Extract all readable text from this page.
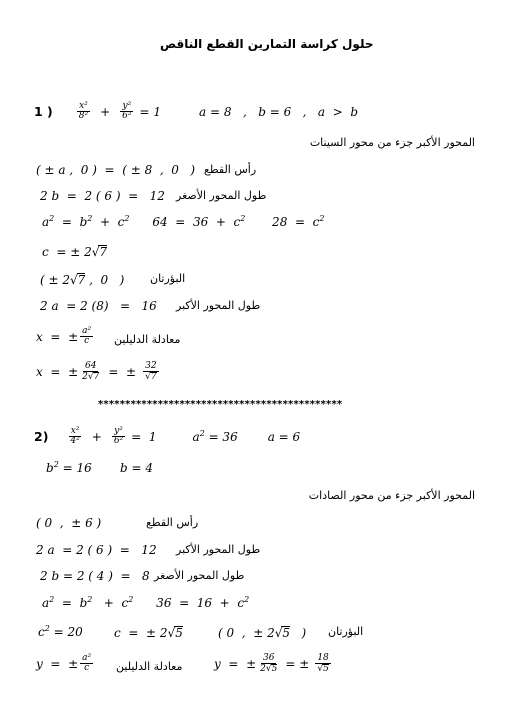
حلول كراسة التمارين القطع الناقص
1 )	$\frac{\text{x²}}{\text{8²}} + \frac{\text{y²}}{\text{6²}} = 1$	a = 8   ,   b = 6   ,   a  >  b
المحور الأكبر جزء من محور السينات
( ± a ,  0 )  =  ( ± 8  ,  0   ) رأس القطع
2 b  =  2 ( 6 )  =   12 طول المحور الأصغر
$a^2 = b^2 + c^2$      $64 = 36 + c^2$       $28 = c^2$
c  = ± 2√7
( ± 2√7 ,  0   ) البؤرتان
2 a  = 2 (8)   =   16 طول المحور الأكبر
x  =  ± $\frac{\text{a²}}{c}$ معادلة الدليلين
x  =  ± $\frac{64}{2√7}$ =  ± $\frac{32}{√7}$
*********************************************
$2) \frac{\text{x²}}{\text{4²}} + \frac{\text{y²}}{\text{6²}} = 1$	$a^2 = 36$	a = 6
$b^2 = 16$ b = 4
المحور الأكبر جزء من محور الصادات
( 0  ,  ± 6 )	رأس القطع
2 a  = 2 ( 6 )  =   12 طول المحور الأكبر
2 b = 2 ( 4 )  =   8 طول المحور الأصغر
$a^2 = b^2 + c^2$      $36 = 16 + c^2$
$c^2 = 20$	c  =  ± 2√5	( 0  ,  ± 2√5   ) البؤرتان
y  =  ± $\frac{\text{a²}}{c}$ معادلة الدليلين	y  =  ± $\frac{36}{2√5}$ = ± $\frac{18}{√5}$
